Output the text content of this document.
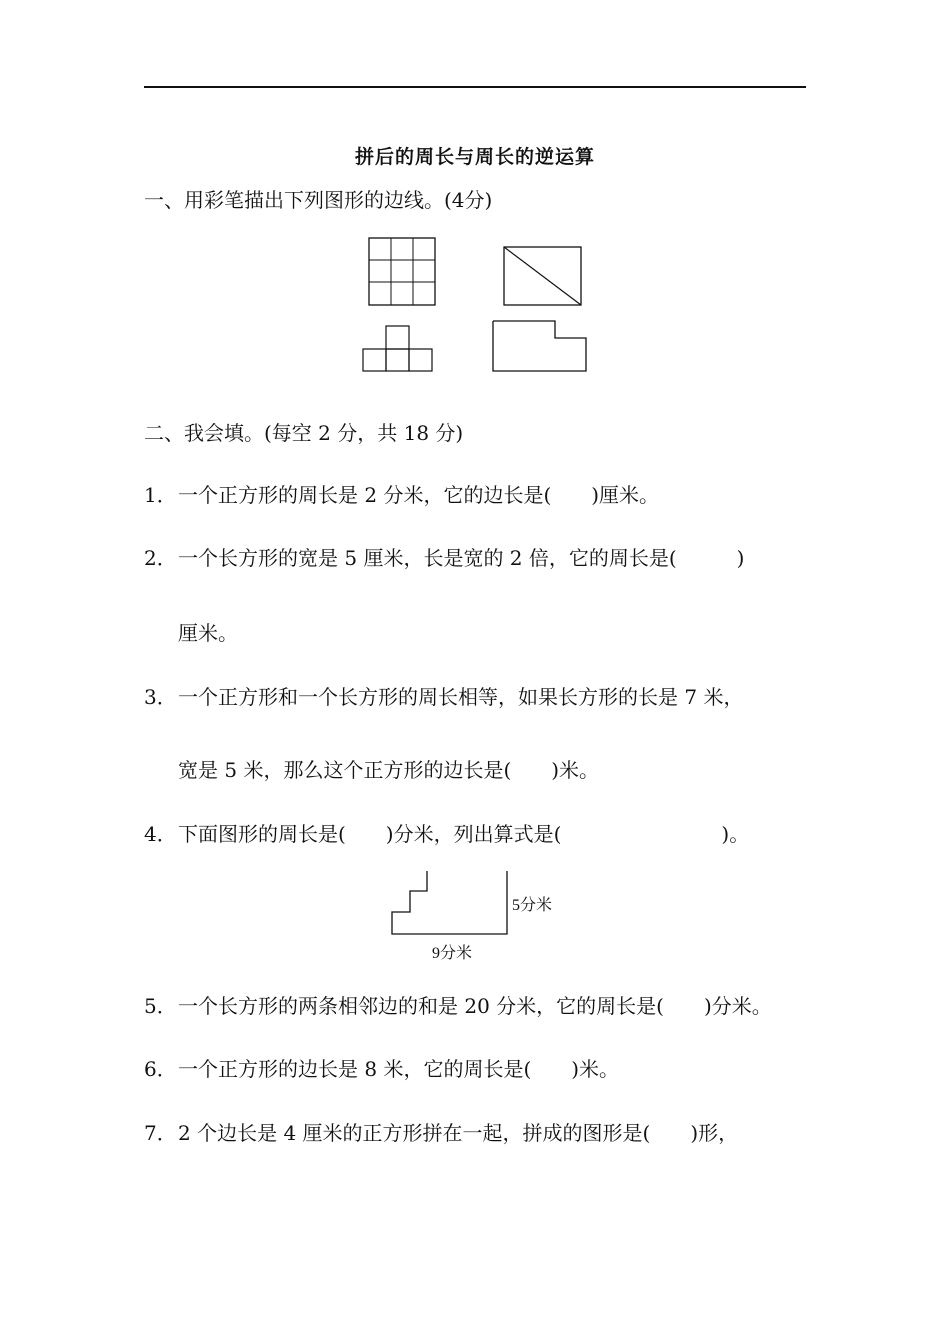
拼后的周长与周长的逆运算
一、用彩笔描出下列图形的边线。(4分)
二、我会填。(每空 2 分，共 18 分)
1．一个正方形的周长是 2 分米，它的边长是(　　)厘米。
2．一个长方形的宽是 5 厘米，长是宽的 2 倍，它的周长是(　　　)
厘米。
3．一个正方形和一个长方形的周长相等，如果长方形的长是 7 米，
宽是 5 米，那么这个正方形的边长是(　　)米。
4．下面图形的周长是(　　)分米，列出算式是(　　　　　　　　)。
5分米
9分米
5．一个长方形的两条相邻边的和是 20 分米，它的周长是(　　)分米。
6．一个正方形的边长是 8 米，它的周长是(　　)米。
7．2 个边长是 4 厘米的正方形拼在一起，拼成的图形是(　　)形，
